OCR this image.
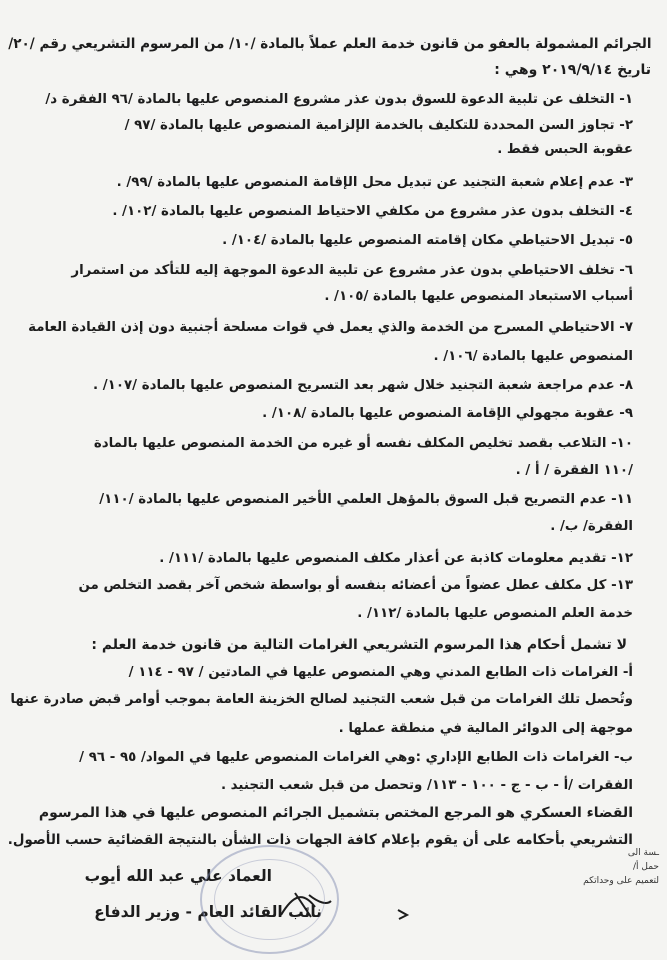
الجرائم المشمولة بالعفو من قانون خدمة العلم عملاً بالمادة /١٠/ من المرسوم التشريعي رقم /٢٠/
تاريخ ٢٠١٩/٩/١٤ وهي :
١- التخلف عن تلبية الدعوة للسوق بدون عذر مشروع المنصوص عليها بالمادة /٩٦ الفقرة د/
٢- تجاوز السن المحددة للتكليف بالخدمة الإلزامية المنصوص عليها بالمادة /٩٧ /
عقوبة الحبس فقط .
٣- عدم إعلام شعبة التجنيد عن تبديل محل الإقامة المنصوص عليها بالمادة /٩٩/ .
٤- التخلف بدون عذر مشروع من مكلفي الاحتياط المنصوص عليها بالمادة /١٠٢/ .
٥- تبديل الاحتياطي مكان إقامته المنصوص عليها بالمادة /١٠٤/ .
٦- تخلف الاحتياطي بدون عذر مشروع عن تلبية الدعوة الموجهة إليه للتأكد من استمرار
أسباب الاستبعاد المنصوص عليها بالمادة /١٠٥/ .
٧- الاحتياطي المسرح من الخدمة والذي يعمل في قوات مسلحة أجنبية دون إذن القيادة العامة
المنصوص عليها بالمادة /١٠٦/ .
٨- عدم مراجعة شعبة التجنيد خلال شهر بعد التسريح المنصوص عليها بالمادة /١٠٧/ .
٩- عقوبة مجهولي الإقامة المنصوص عليها بالمادة /١٠٨/ .
١٠- التلاعب بقصد تخليص المكلف نفسه أو غيره من الخدمة المنصوص عليها بالمادة
/١١٠ الفقرة / أ / .
١١- عدم التصريح قبل السوق بالمؤهل العلمي الأخير المنصوص عليها بالمادة /١١٠/
الفقرة/ ب/ .
١٢- تقديم معلومات كاذبة عن أعذار مكلف المنصوص عليها بالمادة /١١١/ .
١٣- كل مكلف عطل عضواً من أعضائه بنفسه أو بواسطة شخص آخر بقصد التخلص من
خدمة العلم المنصوص عليها بالمادة /١١٢/ .
لا تشمل أحكام هذا المرسوم التشريعي الغرامات التالية من قانون خدمة العلم :
أ- الغرامات ذات الطابع المدني وهي المنصوص عليها في المادتين / ٩٧ - ١١٤ /
وتُحصل تلك الغرامات من قبل شعب التجنيد لصالح الخزينة العامة بموجب أوامر قبض صادرة عنها
موجهة إلى الدوائر المالية في منطقة عملها .
ب- الغرامات ذات الطابع الإداري :وهي الغرامات المنصوص عليها في المواد/ ٩٥ - ٩٦ /
الفقرات /أ - ب - ج - ١٠٠ - ١١٣/ وتحصل من قبل شعب التجنيد .
القضاء العسكري هو المرجع المختص بتشميل الجرائم المنصوص عليها في هذا المرسوم
التشريعي بأحكامه على أن يقوم بإعلام كافة الجهات ذات الشأن بالنتيجة القضائية حسب الأصول.
العماد علي عبد الله أيوب
نائب القائد العام - وزير الدفاع
ـسة الى
حمل أ/
لتعميم على وحداتكم
